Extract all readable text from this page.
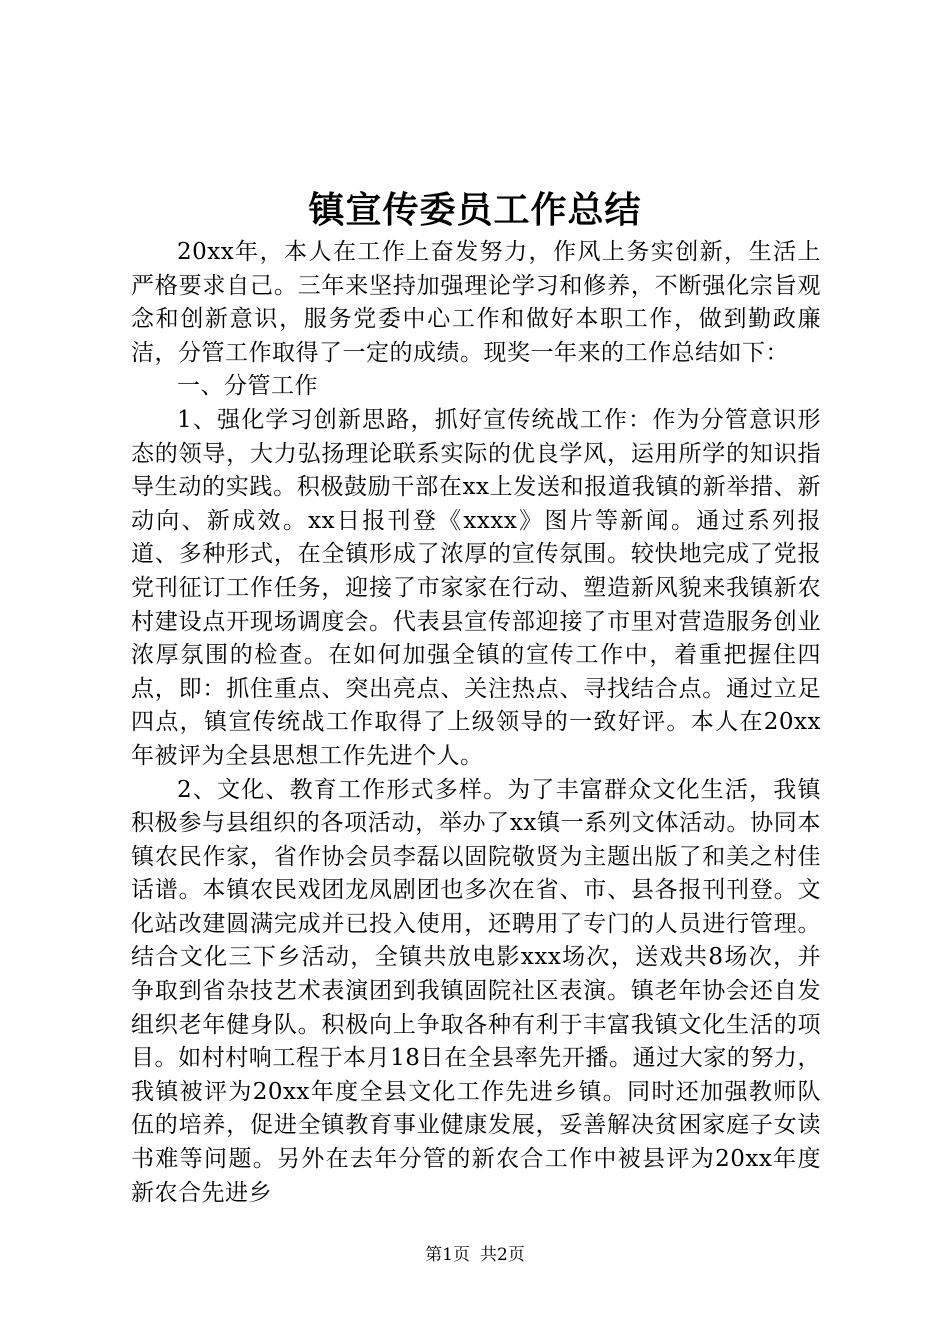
镇宣传委员工作总结

20xx年，本人在工作上奋发努力，作风上务实创新，生活上严格要求自己。三年来坚持加强理论学习和修养，不断强化宗旨观念和创新意识，服务党委中心工作和做好本职工作，做到勤政廉洁，分管工作取得了一定的成绩。现奖一年来的工作总结如下：

一、分管工作

1、强化学习创新思路，抓好宣传统战工作：作为分管意识形态的领导，大力弘扬理论联系实际的优良学风，运用所学的知识指导生动的实践。积极鼓励干部在xx上发送和报道我镇的新举措、新动向、新成效。xx日报刊登《xxxx》图片等新闻。通过系列报道、多种形式，在全镇形成了浓厚的宣传氛围。较快地完成了党报党刊征订工作任务，迎接了市家家在行动、塑造新风貌来我镇新农村建设点开现场调度会。代表县宣传部迎接了市里对营造服务创业浓厚氛围的检查。在如何加强全镇的宣传工作中，着重把握住四点，即：抓住重点、突出亮点、关注热点、寻找结合点。通过立足四点，镇宣传统战工作取得了上级领导的一致好评。本人在20xx年被评为全县思想工作先进个人。

2、文化、教育工作形式多样。为了丰富群众文化生活，我镇积极参与县组织的各项活动，举办了xx镇一系列文体活动。协同本镇农民作家，省作协会员李磊以固院敬贤为主题出版了和美之村佳话谱。本镇农民戏团龙凤剧团也多次在省、市、县各报刊刊登。文化站改建圆满完成并已投入使用，还聘用了专门的人员进行管理。结合文化三下乡活动，全镇共放电影xxx场次，送戏共8场次，并争取到省杂技艺术表演团到我镇固院社区表演。镇老年协会还自发组织老年健身队。积极向上争取各种有利于丰富我镇文化生活的项目。如村村响工程于本月18日在全县率先开播。通过大家的努力，我镇被评为20xx年度全县文化工作先进乡镇。同时还加强教师队伍的培养，促进全镇教育事业健康发展，妥善解决贫困家庭子女读书难等问题。另外在去年分管的新农合工作中被县评为20xx年度新农合先进乡

第1页 共2页
